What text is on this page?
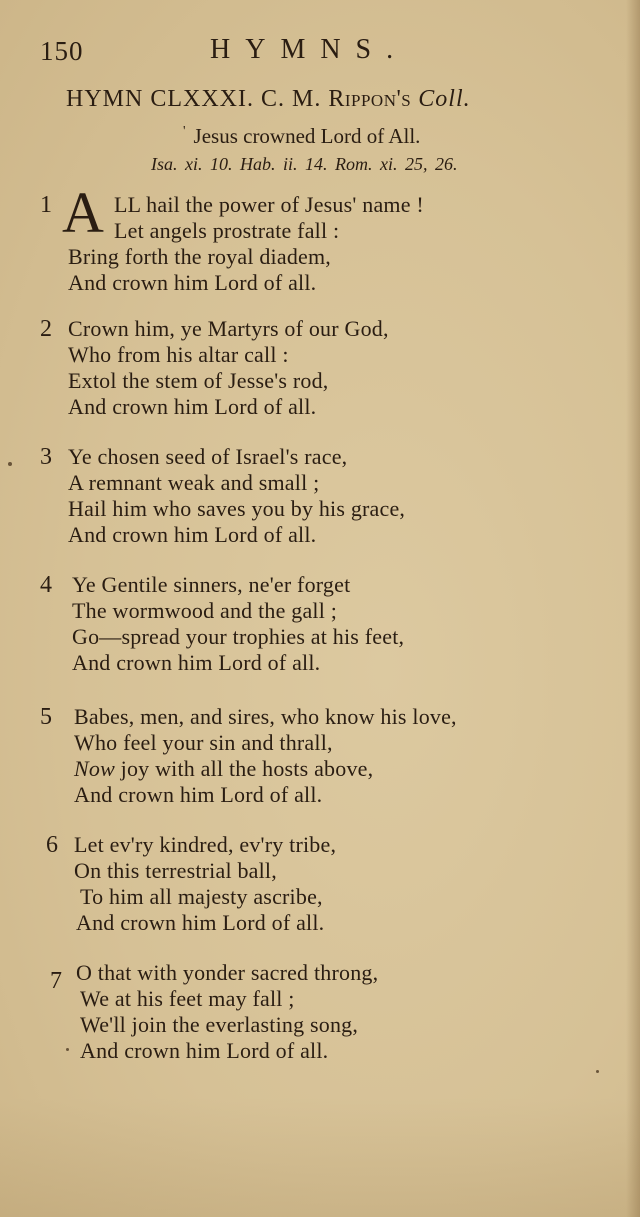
150	HYMNS.
HYMN CLXXXI. C. M. Rippon's Coll.
' Jesus crowned Lord of All.
Isa. xi. 10. Hab. ii. 14. Rom. xi. 25, 26.
1 A LL hail the power of Jesus' name !
Let angels prostrate fall :
Bring forth the royal diadem,
And crown him Lord of all.
2 Crown him, ye Martyrs of our God,
Who from his altar call :
Extol the stem of Jesse's rod,
And crown him Lord of all.
3 Ye chosen seed of Israel's race,
A remnant weak and small ;
Hail him who saves you by his grace,
And crown him Lord of all.
4 Ye Gentile sinners, ne'er forget
The wormwood and the gall ;
Go—spread your trophies at his feet,
And crown him Lord of all.
5 Babes, men, and sires, who know his love,
Who feel your sin and thrall,
Now joy with all the hosts above,
And crown him Lord of all.
6 Let ev'ry kindred, ev'ry tribe,
On this terrestrial ball,
To him all majesty ascribe,
And crown him Lord of all.
7 O that with yonder sacred throng,
We at his feet may fall ;
We'll join the everlasting song,
And crown him Lord of all.
